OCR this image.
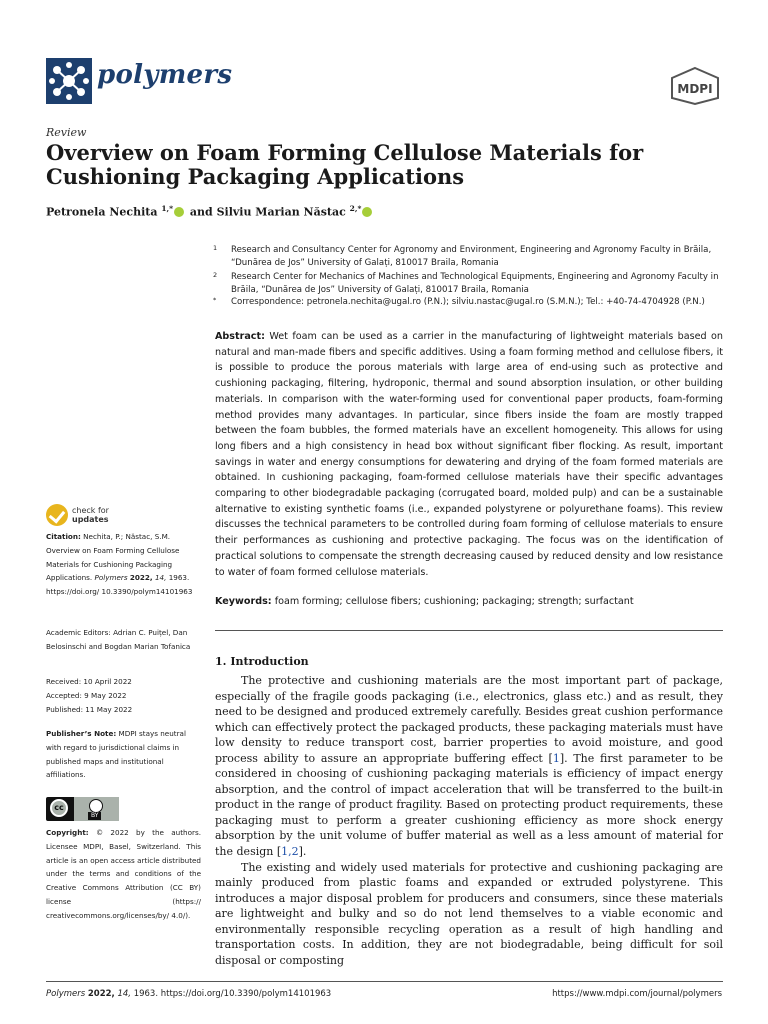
polymers	MDPI
Review
Overview on Foam Forming Cellulose Materials for Cushioning Packaging Applications
Petronela Nechita $^{1,*}$ and Silviu Marian Năstac $^{2,*}$
1	Research and Consultancy Center for Agronomy and Environment, Engineering and Agronomy Faculty in Brăila, “Dunărea de Jos” University of Galați, 810017 Braila, Romania
2	Research Center for Mechanics of Machines and Technological Equipments, Engineering and Agronomy Faculty in Brăila, “Dunărea de Jos” University of Galați, 810017 Braila, Romania
*	Correspondence: petronela.nechita@ugal.ro (P.N.); silviu.nastac@ugal.ro (S.M.N.); Tel.: +40-74-4704928 (P.N.)
Abstract: Wet foam can be used as a carrier in the manufacturing of lightweight materials based on natural and man-made fibers and specific additives. Using a foam forming method and cellulose fibers, it is possible to produce the porous materials with large area of end-using such as protective and cushioning packaging, filtering, hydroponic, thermal and sound absorption insulation, or other building materials. In comparison with the water-forming used for conventional paper products, foam-forming method provides many advantages. In particular, since fibers inside the foam are mostly trapped between the foam bubbles, the formed materials have an excellent homogeneity. This allows for using long fibers and a high consistency in head box without significant fiber flocking. As result, important savings in water and energy consumptions for dewatering and drying of the foam formed materials are obtained. In cushioning packaging, foam-formed cellulose materials have their specific advantages comparing to other biodegradable packaging (corrugated board, molded pulp) and can be a sustainable alternative to existing synthetic foams (i.e., expanded polystyrene or polyurethane foams). This review discusses the technical parameters to be controlled during foam forming of cellulose materials to ensure their performances as cushioning and protective packaging. The focus was on the identification of practical solutions to compensate the strength decreasing caused by reduced density and low resistance to water of foam formed cellulose materials.
Keywords: foam forming; cellulose fibers; cushioning; packaging; strength; surfactant
check for
updates
Citation: Nechita, P.; Năstac, S.M. Overview on Foam Forming Cellulose Materials for Cushioning Packaging Applications. Polymers 2022, 14, 1963. https://doi.org/ 10.3390/polym14101963
Academic Editors: Adrian C. Puițel, Dan Belosinschi and Bogdan Marian Tofanica
Received: 10 April 2022
Accepted: 9 May 2022
Published: 11 May 2022
Publisher’s Note: MDPI stays neutral with regard to jurisdictional claims in published maps and institutional affiliations.
cc
BY
Copyright: © 2022 by the authors. Licensee MDPI, Basel, Switzerland. This article is an open access article distributed under the terms and conditions of the Creative Commons Attribution (CC BY) license (https:// creativecommons.org/licenses/by/ 4.0/).
1. Introduction

The protective and cushioning materials are the most important part of package, especially of the fragile goods packaging (i.e., electronics, glass etc.) and as result, they need to be designed and produced extremely carefully. Besides great cushion performance which can effectively protect the packaged products, these packaging materials must have low density to reduce transport cost, barrier properties to avoid moisture, and good process ability to assure an appropriate buffering effect [1]. The first parameter to be considered in choosing of cushioning packaging materials is efficiency of impact energy absorption, and the control of impact acceleration that will be transferred to the built-in product in the range of product fragility. Based on protecting product requirements, these packaging must to perform a greater cushioning efficiency as more shock energy absorption by the unit volume of buffer material as well as a less amount of material for the design [1,2].

The existing and widely used materials for protective and cushioning packaging are mainly produced from plastic foams and expanded or extruded polystyrene. This introduces a major disposal problem for producers and consumers, since these materials are lightweight and bulky and so do not lend themselves to a viable economic and environmentally responsible recycling operation as a result of high handling and transportation costs. In addition, they are not biodegradable, being difficult for soil disposal or composting

Polymers 2022, 14, 1963. https://doi.org/10.3390/polym14101963	https://www.mdpi.com/journal/polymers
